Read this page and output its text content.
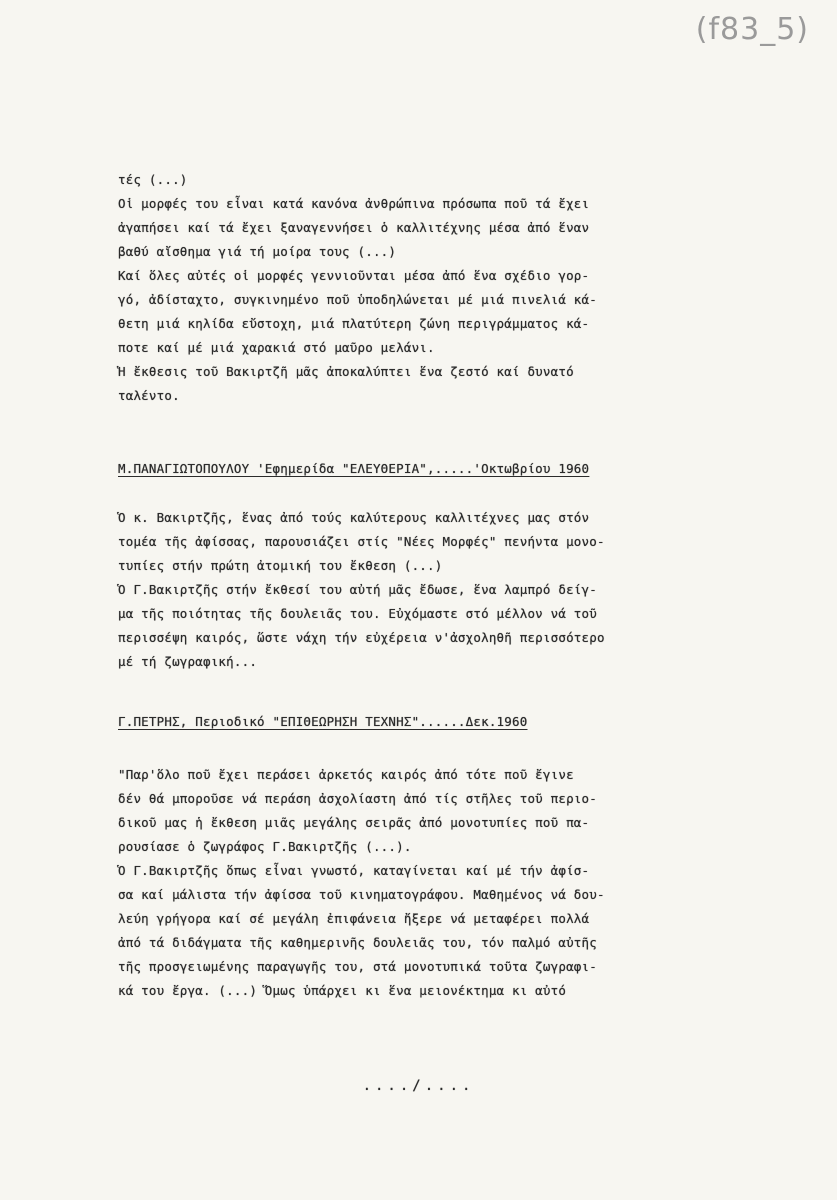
(f83_5)
τές (...)
Οἱ μορφές του εἶναι κατά κανόνα ἀνθρώπινα πρόσωπα ποῦ τά ἔχει
ἀγαπήσει καί τά ἔχει ξαναγεννήσει ὁ καλλιτέχνης μέσα ἀπό ἕναν
βαθύ αἴσθημα γιά τή μοίρα τους (...)
Καί ὅλες αὐτές οἱ μορφές γεννιοῦνται μέσα ἀπό ἕνα σχέδιο γορ-
γό, ἀδίσταχτο, συγκινημένο ποῦ ὑποδηλώνεται μέ μιά πινελιά κά-
θετη μιά κηλίδα εὔστοχη, μιά πλατύτερη ζώνη περιγράμματος κά-
ποτε καί μέ μιά χαρακιά στό μαῦρο μελάνι.
Ἡ ἔκθεσις τοῦ Βακιρτζῆ μᾶς ἀποκαλύπτει ἕνα ζεστό καί δυνατό
ταλέντο.
Μ.ΠΑΝΑΓΙΩΤΟΠΟΥΛΟΥ 'Εφημερίδα "ΕΛΕΥΘΕΡΙΑ",.....'Οκτωβρίου 1960
Ὁ κ. Βακιρτζῆς, ἕνας ἀπό τούς καλύτερους καλλιτέχνες μας στόν
τομέα τῆς ἀφίσσας, παρουσιάζει στίς "Νέες Μορφές" πενήντα μονο-
τυπίες στήν πρώτη ἀτομική του ἔκθεση (...)
Ὁ Γ.Βακιρτζῆς στήν ἔκθεσί του αὐτή μᾶς ἔδωσε, ἕνα λαμπρό δείγ-
μα τῆς ποιότητας τῆς δουλειᾶς του. Εὐχόμαστε στό μέλλον νά τοῦ
περισσέψη καιρός, ὥστε νάχη τήν εὐχέρεια ν'ἀσχοληθῆ περισσότερο
μέ τή ζωγραφική...
Γ.ΠΕΤΡΗΣ, Περιοδικό "ΕΠΙΘΕΩΡΗΣΗ ΤΕΧΝΗΣ"......Δεκ.1960
"Παρ'ὅλο ποῦ ἔχει περάσει ἀρκετός καιρός ἀπό τότε ποῦ ἔγινε
δέν θά μποροῦσε νά περάση ἀσχολίαστη ἀπό τίς στῆλες τοῦ περιο-
δικοῦ μας ἡ ἔκθεση μιᾶς μεγάλης σειρᾶς ἀπό μονοτυπίες ποῦ πα-
ρουσίασε ὁ ζωγράφος Γ.Βακιρτζῆς (...).
Ὁ Γ.Βακιρτζῆς ὅπως εἶναι γνωστό, καταγίνεται καί μέ τήν ἀφίσ-
σα καί μάλιστα τήν ἀφίσσα τοῦ κινηματογράφου. Μαθημένος νά δου-
λεύη γρήγορα καί σέ μεγάλη ἐπιφάνεια ἤξερε νά μεταφέρει πολλά
ἀπό τά διδάγματα τῆς καθημερινῆς δουλειᾶς του, τόν παλμό αὐτῆς
τῆς προσγειωμένης παραγωγῆς του, στά μονοτυπικά τοῦτα ζωγραφι-
κά του ἔργα. (...) Ὅμως ὑπάρχει κι ἕνα μειονέκτημα κι αὐτό
..../....
